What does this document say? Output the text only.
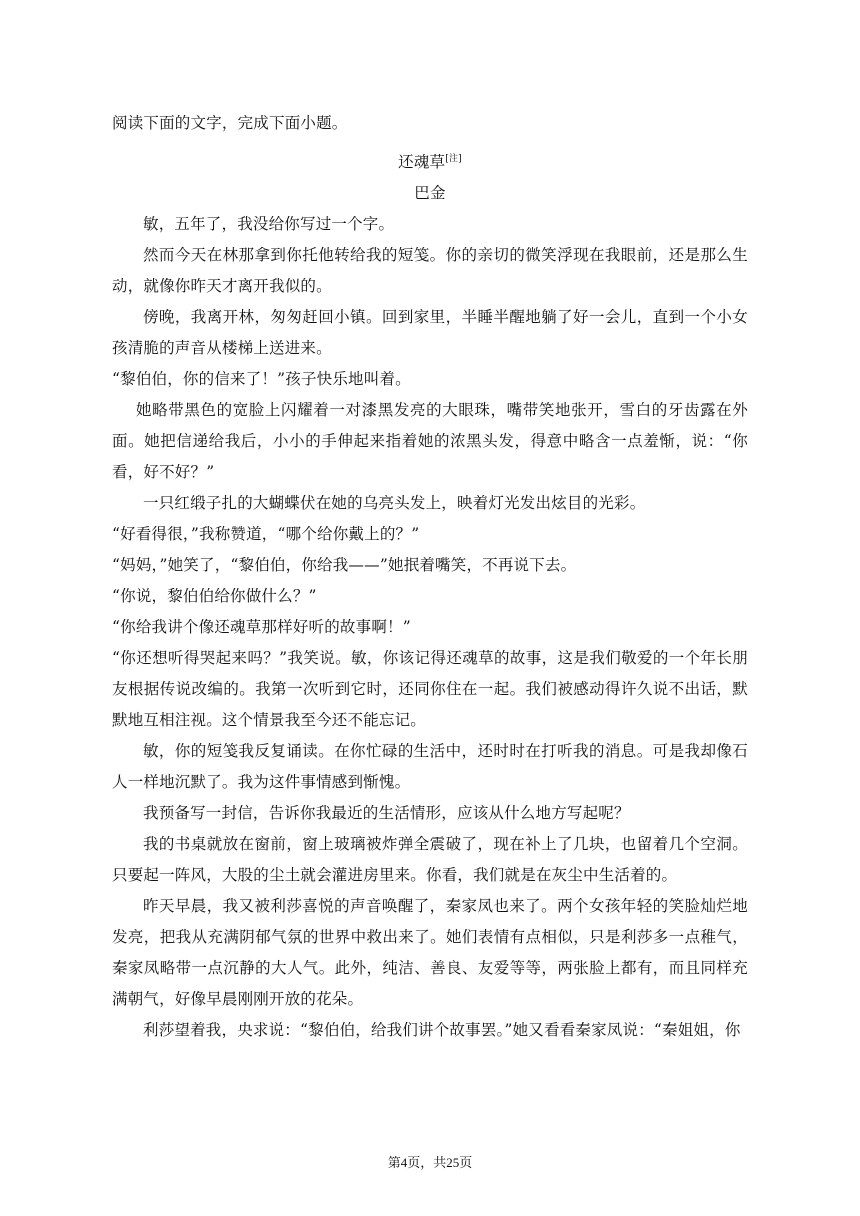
阅读下面的文字，完成下面小题。

还魂草[注]

巴金

敏，五年了，我没给你写过一个字。

然而今天在林那拿到你托他转给我的短笺。你的亲切的微笑浮现在我眼前，还是那么生动，就像你昨天才离开我似的。

傍晚，我离开林，匆匆赶回小镇。回到家里，半睡半醒地躺了好一会儿，直到一个小女孩清脆的声音从楼梯上送进来。

“黎伯伯，你的信来了！”孩子快乐地叫着。

她略带黑色的宽脸上闪耀着一对漆黑发亮的大眼珠，嘴带笑地张开，雪白的牙齿露在外面。她把信递给我后，小小的手伸起来指着她的浓黑头发，得意中略含一点羞惭，说：“你看，好不好？”

一只红缎子扎的大蝴蝶伏在她的乌亮头发上，映着灯光发出炫目的光彩。

“好看得很，”我称赞道，“哪个给你戴上的？”

“妈妈，”她笑了，“黎伯伯，你给我——”她抿着嘴笑，不再说下去。

“你说，黎伯伯给你做什么？”

“你给我讲个像还魂草那样好听的故事啊！”

“你还想听得哭起来吗？”我笑说。敏，你该记得还魂草的故事，这是我们敬爱的一个年长朋友根据传说改编的。我第一次听到它时，还同你住在一起。我们被感动得许久说不出话，默默地互相注视。这个情景我至今还不能忘记。

敏，你的短笺我反复诵读。在你忙碌的生活中，还时时在打听我的消息。可是我却像石人一样地沉默了。我为这件事情感到惭愧。

我预备写一封信，告诉你我最近的生活情形，应该从什么地方写起呢？

我的书桌就放在窗前，窗上玻璃被炸弹全震破了，现在补上了几块，也留着几个空洞。只要起一阵风，大股的尘土就会灌进房里来。你看，我们就是在灰尘中生活着的。

昨天早晨，我又被利莎喜悦的声音唤醒了，秦家凤也来了。两个女孩年轻的笑脸灿烂地发亮，把我从充满阴郁气氛的世界中救出来了。她们表情有点相似，只是利莎多一点稚气，秦家凤略带一点沉静的大人气。此外，纯洁、善良、友爱等等，两张脸上都有，而且同样充满朝气，好像早晨刚刚开放的花朵。

利莎望着我，央求说：“黎伯伯，给我们讲个故事罢。”她又看看秦家凤说：“秦姐姐，你

第4页，共25页
